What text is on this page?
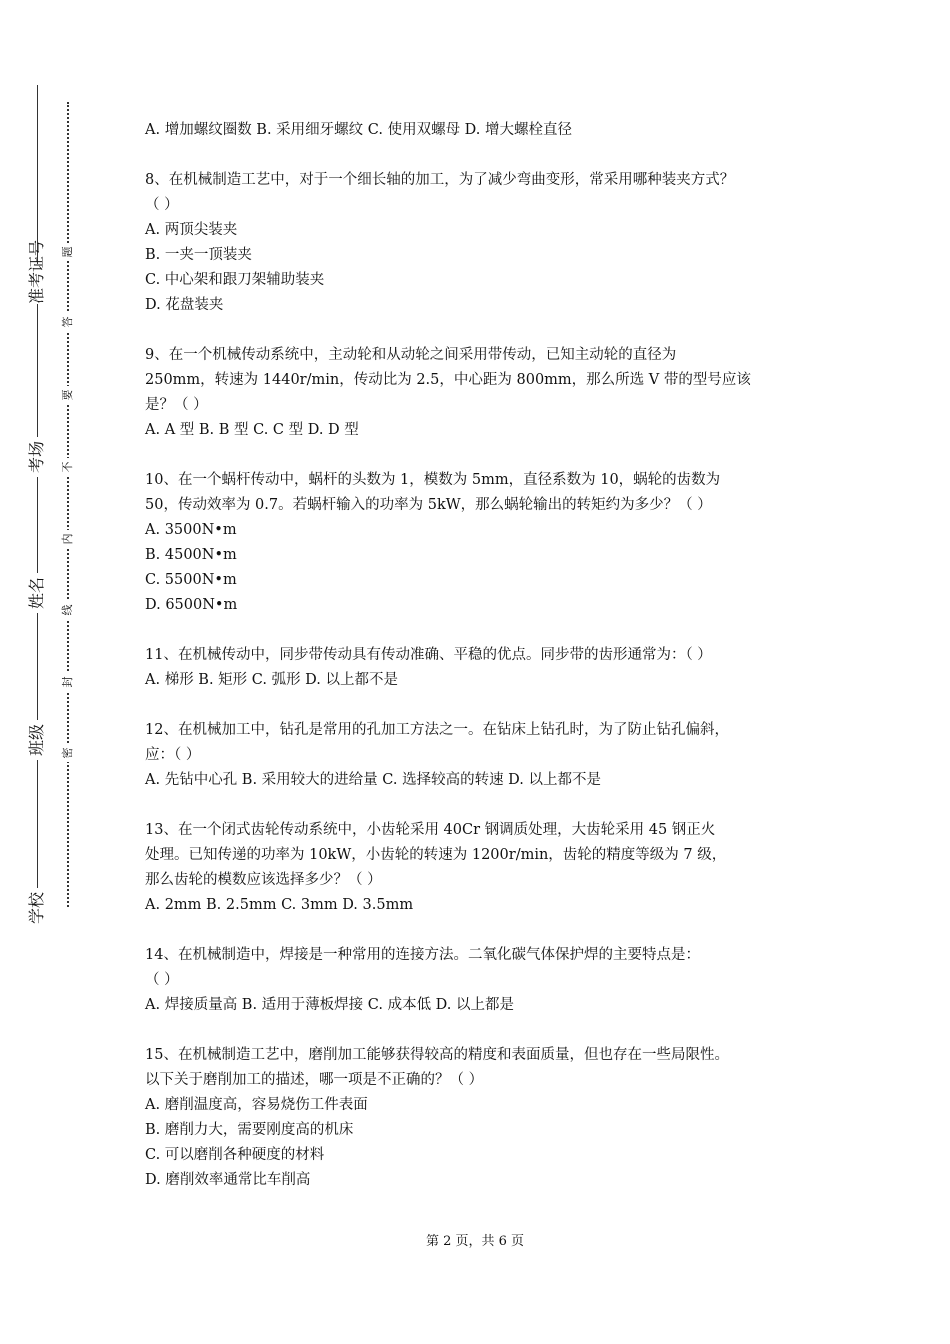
准考证号
考场
姓名
班级
学校
题
答
要
不
内
线
封
密
A. 增加螺纹圈数 B. 采用细牙螺纹 C. 使用双螺母 D. 增大螺栓直径
8、在机械制造工艺中，对于一个细长轴的加工，为了减少弯曲变形，常采用哪种装夹方式？
（ ）
A. 两顶尖装夹
B. 一夹一顶装夹
C. 中心架和跟刀架辅助装夹
D. 花盘装夹
9、在一个机械传动系统中，主动轮和从动轮之间采用带传动，已知主动轮的直径为
250mm，转速为 1440r/min，传动比为 2.5，中心距为 800mm，那么所选 V 带的型号应该
是？（ ）
A. A 型 B. B 型 C. C 型 D. D 型
10、在一个蜗杆传动中，蜗杆的头数为 1，模数为 5mm，直径系数为 10，蜗轮的齿数为
50，传动效率为 0.7。若蜗杆输入的功率为 5kW，那么蜗轮输出的转矩约为多少？（ ）
A. 3500N•m
B. 4500N•m
C. 5500N•m
D. 6500N•m
11、在机械传动中，同步带传动具有传动准确、平稳的优点。同步带的齿形通常为：（ ）
A. 梯形 B. 矩形 C. 弧形 D. 以上都不是
12、在机械加工中，钻孔是常用的孔加工方法之一。在钻床上钻孔时，为了防止钻孔偏斜，
应：（ ）
A. 先钻中心孔 B. 采用较大的进给量 C. 选择较高的转速 D. 以上都不是
13、在一个闭式齿轮传动系统中，小齿轮采用 40Cr 钢调质处理，大齿轮采用 45 钢正火
处理。已知传递的功率为 10kW，小齿轮的转速为 1200r/min，齿轮的精度等级为 7 级，
那么齿轮的模数应该选择多少？（ ）
A. 2mm B. 2.5mm C. 3mm D. 3.5mm
14、在机械制造中，焊接是一种常用的连接方法。二氧化碳气体保护焊的主要特点是：
（ ）
A. 焊接质量高 B. 适用于薄板焊接 C. 成本低 D. 以上都是
15、在机械制造工艺中，磨削加工能够获得较高的精度和表面质量，但也存在一些局限性。
以下关于磨削加工的描述，哪一项是不正确的？（ ）
A. 磨削温度高，容易烧伤工件表面
B. 磨削力大，需要刚度高的机床
C. 可以磨削各种硬度的材料
D. 磨削效率通常比车削高
第 2 页，共 6 页
